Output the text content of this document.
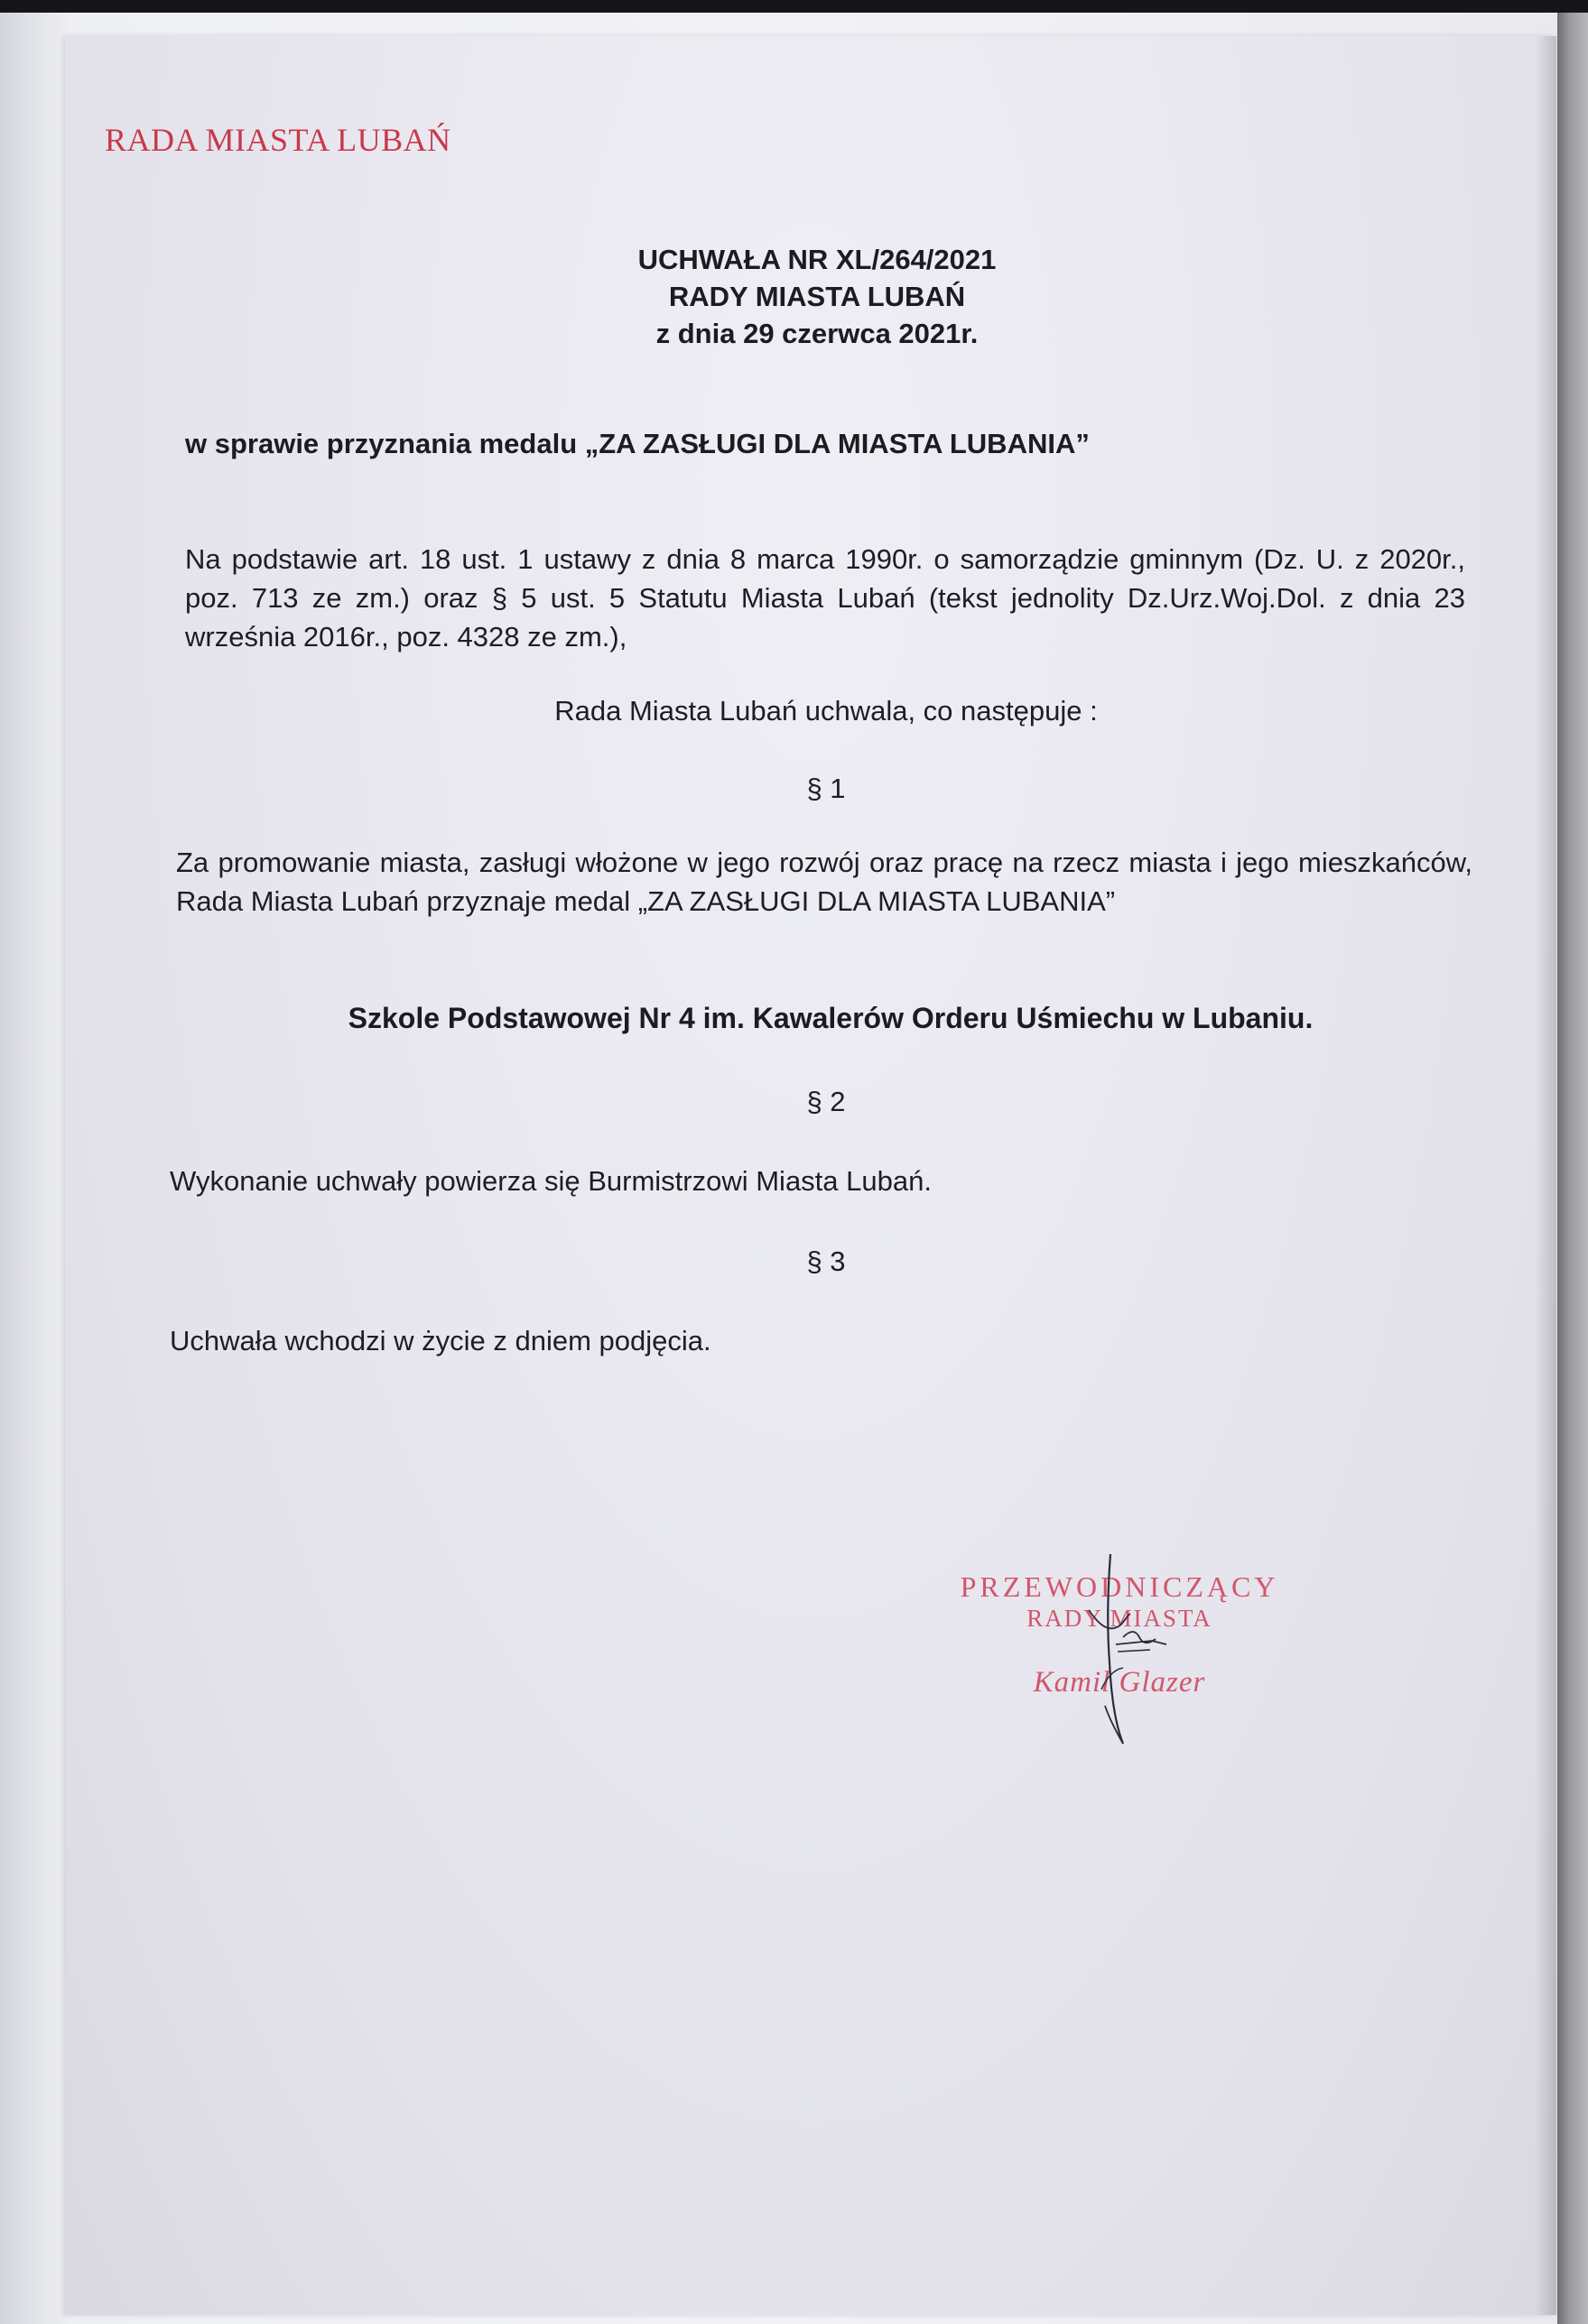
RADA MIASTA LUBAŃ

UCHWAŁA NR XL/264/2021

RADY MIASTA LUBAŃ

z dnia 29 czerwca 2021r.

w sprawie przyznania medalu „ZA ZASŁUGI DLA MIASTA LUBANIA”

Na podstawie art. 18 ust. 1 ustawy z dnia 8 marca 1990r. o samorządzie gminnym (Dz. U. z 2020r., poz. 713 ze zm.) oraz § 5 ust. 5 Statutu Miasta Lubań (tekst jednolity Dz.Urz.Woj.Dol. z dnia 23 września 2016r., poz. 4328 ze zm.),

Rada Miasta Lubań uchwala, co następuje :

§ 1

Za promowanie miasta, zasługi włożone w jego rozwój oraz pracę na rzecz miasta i jego mieszkańców, Rada Miasta Lubań przyznaje medal „ZA ZASŁUGI DLA MIASTA LUBANIA”

Szkole Podstawowej Nr 4 im. Kawalerów Orderu Uśmiechu w Lubaniu.

§ 2

Wykonanie uchwały powierza się Burmistrzowi Miasta Lubań.

§ 3

Uchwała wchodzi w życie z dniem podjęcia.

PRZEWODNICZĄCY

RADY MIASTA

Kamil Glazer
